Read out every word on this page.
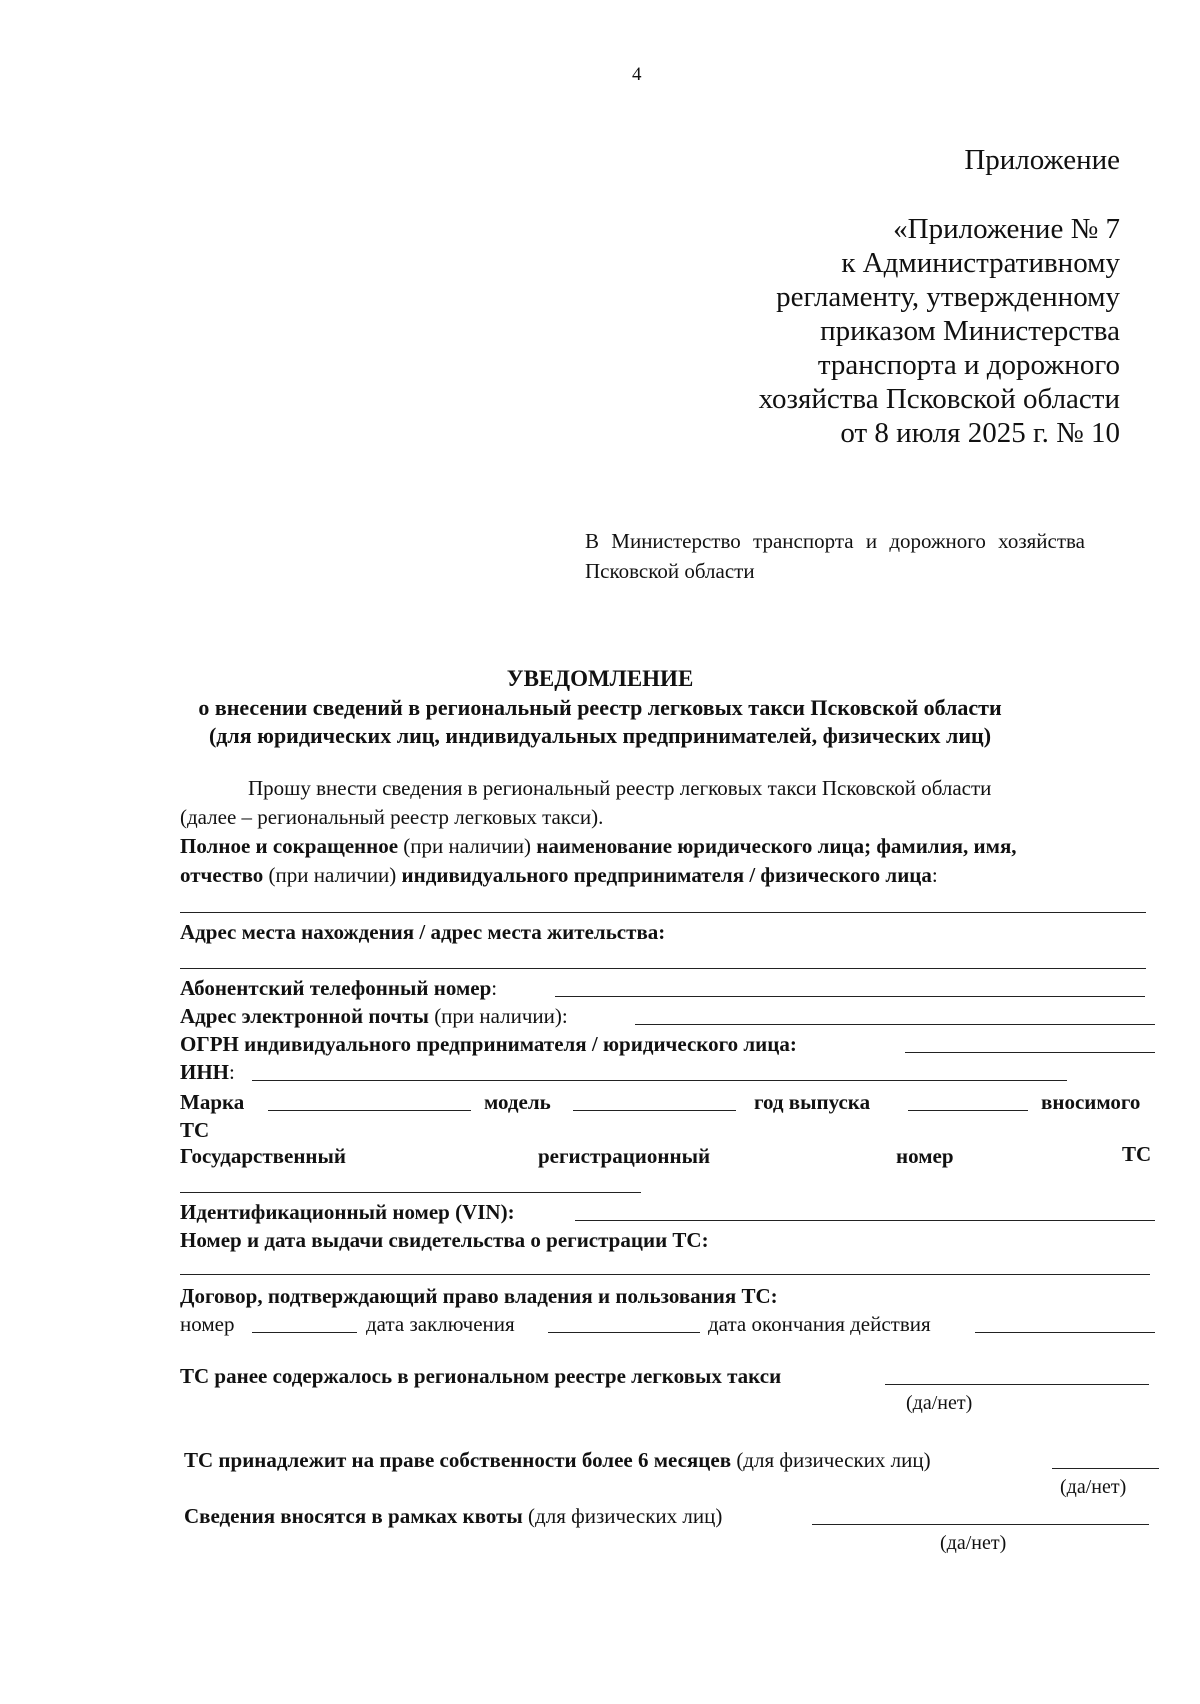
4
Приложение
«Приложение № 7
к Административному
регламенту, утвержденному
приказом Министерства
транспорта и дорожного
хозяйства Псковской области
от 8 июля 2025 г. № 10
В Министерство транспорта и дорожного хозяйства Псковской области
УВЕДОМЛЕНИЕ
о внесении сведений в региональный реестр легковых такси Псковской области
(для юридических лиц, индивидуальных предпринимателей, физических лиц)
Прошу внести сведения в региональный реестр легковых такси Псковской области
(далее – региональный реестр легковых такси).
Полное и сокращенное (при наличии) наименование юридического лица; фамилия, имя,
отчество (при наличии) индивидуального предпринимателя / физического лица:
Адрес места нахождения / адрес места жительства:
Абонентский телефонный номер:
Адрес электронной почты (при наличии):
ОГРН индивидуального предпринимателя / юридического лица:
ИНН:
Марка	модель	год выпуска	вносимого
ТС
Государственный	регистрационный	номер	ТС
Идентификационный номер (VIN):
Номер и дата выдачи свидетельства о регистрации ТС:
Договор, подтверждающий право владения и пользования ТС:
номер	дата заключения	дата окончания действия
ТС ранее содержалось в региональном реестре легковых такси
(да/нет)
ТС принадлежит на праве собственности более 6 месяцев (для физических лиц)
(да/нет)
Сведения вносятся в рамках квоты (для физических лиц)
(да/нет)
